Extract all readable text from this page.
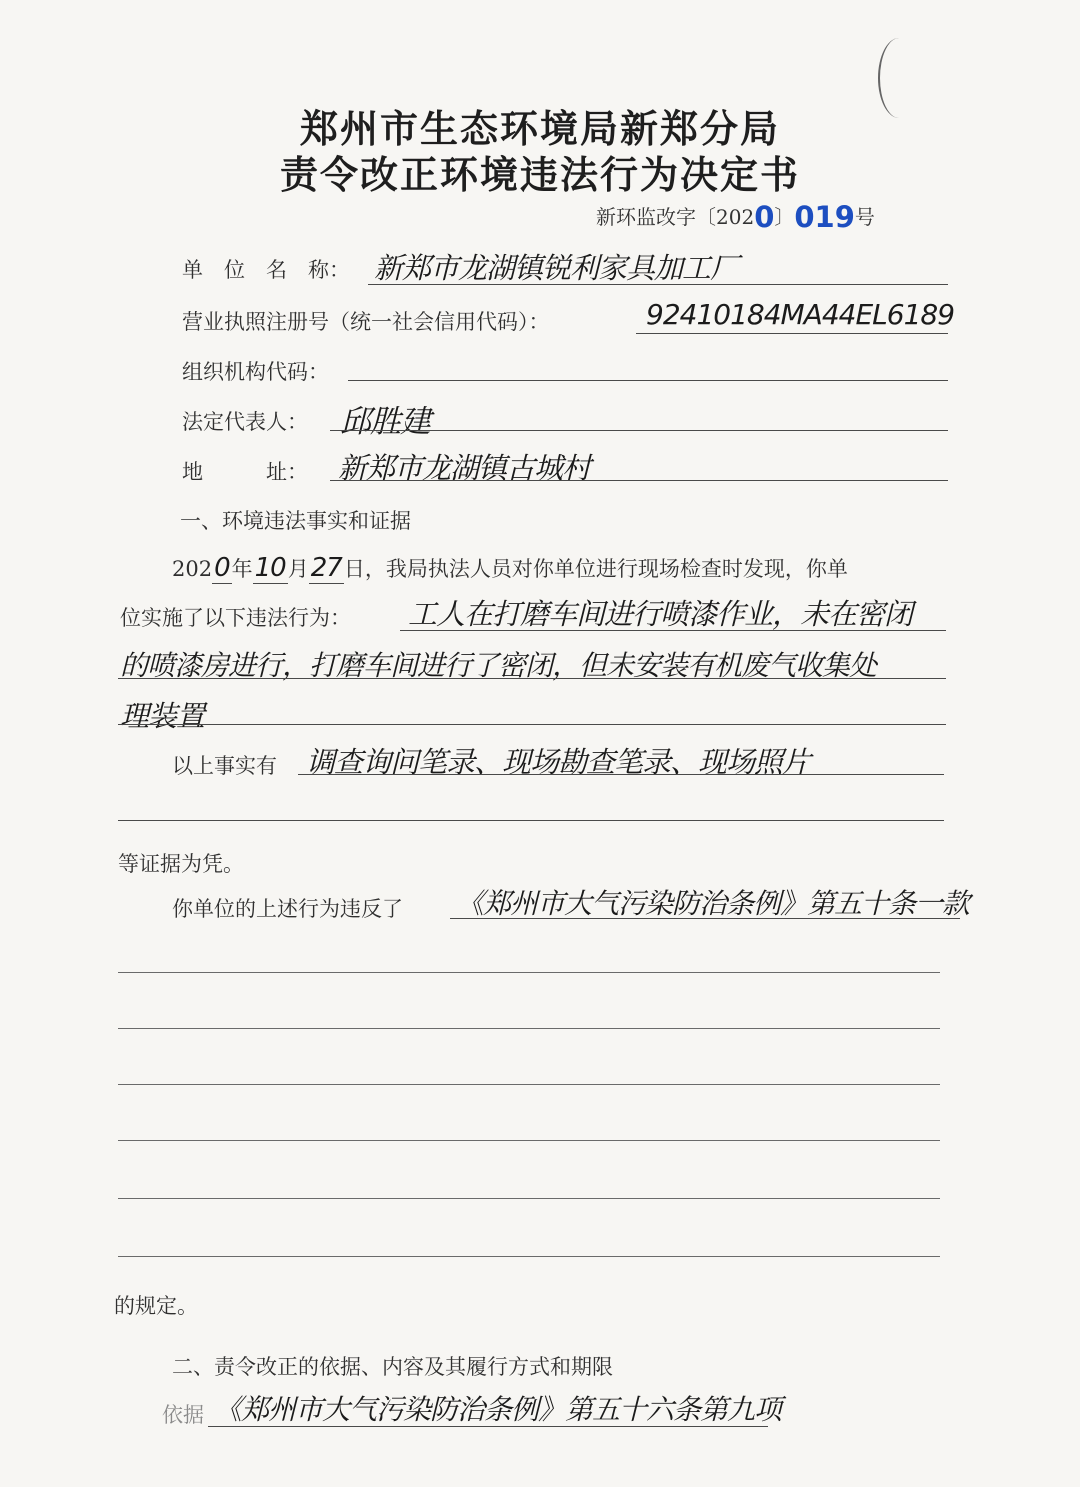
郑州市生态环境局新郑分局
责令改正环境违法行为决定书
新环监改字〔2020〕019号
单　位　名　称： 新郑市龙湖镇锐利家具加工厂
营业执照注册号（统一社会信用代码）：	92410184MA44EL6189
组织机构代码：
法定代表人： 邱胜建
地　　　址： 新郑市龙湖镇古城村
一、环境违法事实和证据
2020年10月27日，我局执法人员对你单位进行现场检查时发现，你单
位实施了以下违法行为： 工人在打磨车间进行喷漆作业，未在密闭
的喷漆房进行，打磨车间进行了密闭，但未安装有机废气收集处
理装置
以上事实有 调查询问笔录、现场勘查笔录、现场照片
等证据为凭。
你单位的上述行为违反了 《郑州市大气污染防治条例》第五十条一款
的规定。
二、责令改正的依据、内容及其履行方式和期限
依据 《郑州市大气污染防治条例》第五十六条第九项
